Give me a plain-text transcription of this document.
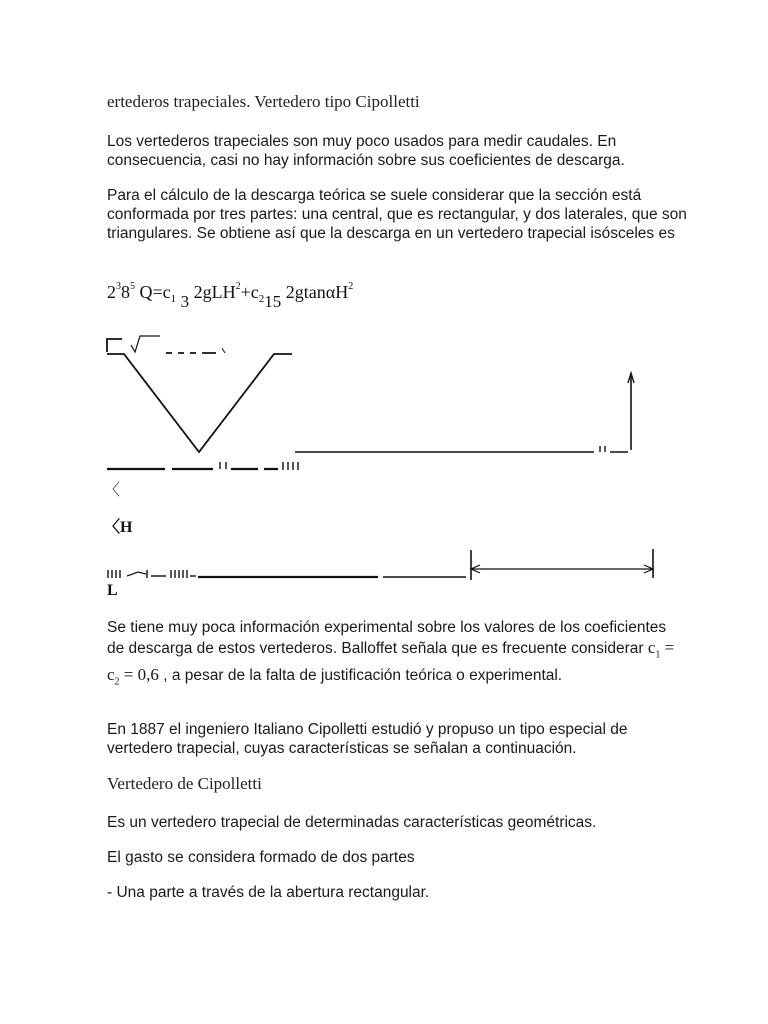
ertederos trapeciales. Vertedero tipo Cipolletti

Los vertederos trapeciales son muy poco usados para medir caudales. En consecuencia, casi no hay información sobre sus coeficientes de descarga.

Para el cálculo de la descarga teórica se suele considerar que la sección está conformada por tres partes: una central, que es rectangular, y dos laterales, que son triangulares. Se obtiene así que la descarga en un vertedero trapecial isósceles es

$2^38^5$ $Q=c_1$ 3 $2gLH^2+c_215$ 2gtanαH$^2$
〈
〈H
L

Se tiene muy poca información experimental sobre los valores de los coeficientes de descarga de estos vertederos. Balloffet señala que es frecuente considerar $c_1 = c_2 = 0,6$ , a pesar de la falta de justificación teórica o experimental.

En 1887 el ingeniero Italiano Cipolletti estudió y propuso un tipo especial de vertedero trapecial, cuyas características se señalan a continuación.

Vertedero de Cipolletti

Es un vertedero trapecial de determinadas características geométricas.

El gasto se considera formado de dos partes

- Una parte a través de la abertura rectangular.
